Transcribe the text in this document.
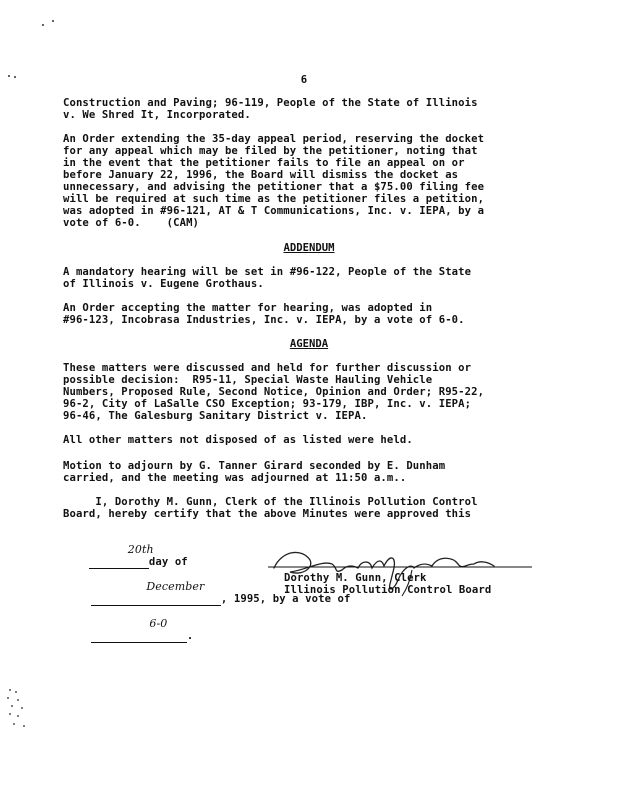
6

Construction and Paving; 96-119, People of the State of Illinois

v. We Shred It, Incorporated.

An Order extending the 35-day appeal period, reserving the docket

for any appeal which may be filed by the petitioner, noting that

in the event that the petitioner fails to file an appeal on or

before January 22, 1996, the Board will dismiss the docket as

unnecessary, and advising the petitioner that a $75.00 filing fee

will be required at such time as the petitioner files a petition,

was adopted in #96-121, AT & T Communications, Inc. v. IEPA, by a

vote of 6-0.    (CAM)

ADDENDUM

A mandatory hearing will be set in #96-122, People of the State

of Illinois v. Eugene Grothaus.

An Order accepting the matter for hearing, was adopted in

#96-123, Incobrasa Industries, Inc. v. IEPA, by a vote of 6-0.

AGENDA

These matters were discussed and held for further discussion or

possible decision:  R95-11, Special Waste Hauling Vehicle

Numbers, Proposed Rule, Second Notice, Opinion and Order; R95-22,

96-2, City of LaSalle CSO Exception; 93-179, IBP, Inc. v. IEPA;

96-46, The Galesburg Sanitary District v. IEPA.

All other matters not disposed of as listed were held.

Motion to adjourn by G. Tanner Girard seconded by E. Dunham

carried, and the meeting was adjourned at 11:50 a.m..

I, Dorothy M. Gunn, Clerk of the Illinois Pollution Control

Board, hereby certify that the above Minutes were approved this

20th
day of

December
, 1995, by a vote of

6-0
.

Dorothy M. Gunn, Clerk

Illinois Pollution Control Board
